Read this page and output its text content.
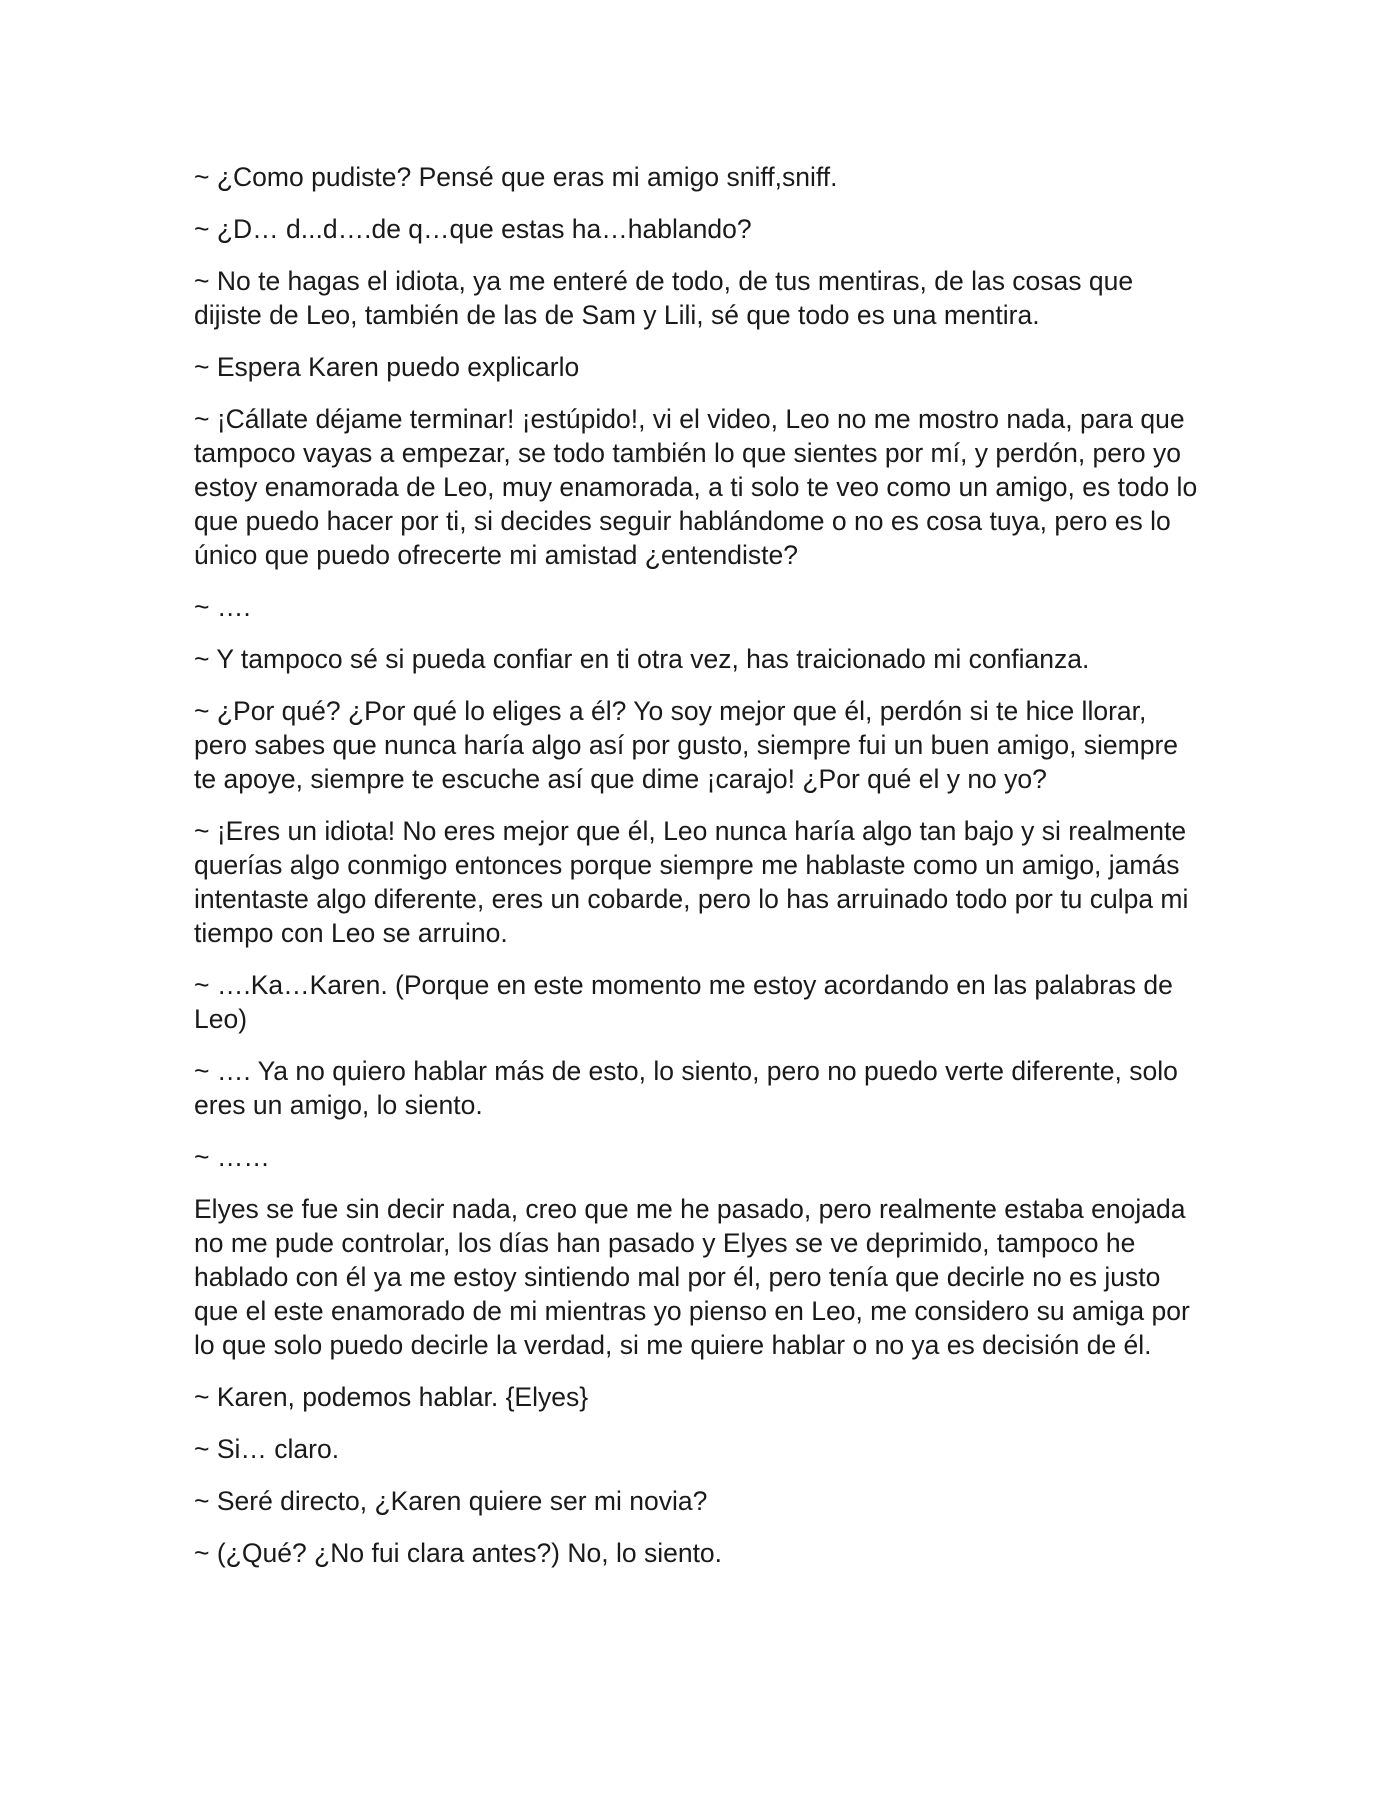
~ ¿Como pudiste? Pensé que eras mi amigo sniff,sniff.

~ ¿D… d...d….de q…que estas ha…hablando?

~ No te hagas el idiota, ya me enteré de todo, de tus mentiras, de las cosas que dijiste de Leo, también de las de Sam y Lili, sé que todo es una mentira.

~ Espera Karen puedo explicarlo

~ ¡Cállate déjame terminar! ¡estúpido!, vi el video, Leo no me mostro nada, para que tampoco vayas a empezar, se todo también lo que sientes por mí, y perdón, pero yo estoy enamorada de Leo, muy enamorada, a ti solo te veo como un amigo, es todo lo que puedo hacer por ti, si decides seguir hablándome o no es cosa tuya, pero es lo único que puedo ofrecerte mi amistad ¿entendiste?

~ ….

~ Y tampoco sé si pueda confiar en ti otra vez, has traicionado mi confianza.

~ ¿Por qué? ¿Por qué lo eliges a él? Yo soy mejor que él, perdón si te hice llorar, pero sabes que nunca haría algo así por gusto, siempre fui un buen amigo, siempre te apoye, siempre te escuche así que dime ¡carajo! ¿Por qué el y no yo?

~ ¡Eres un idiota! No eres mejor que él, Leo nunca haría algo tan bajo y si realmente querías algo conmigo entonces porque siempre me hablaste como un amigo, jamás intentaste algo diferente, eres un cobarde, pero lo has arruinado todo por tu culpa mi tiempo con Leo se arruino.

~ ….Ka…Karen. (Porque en este momento me estoy acordando en las palabras de Leo)

~ …. Ya no quiero hablar más de esto, lo siento, pero no puedo verte diferente, solo eres un amigo, lo siento.

~ ……

Elyes se fue sin decir nada, creo que me he pasado, pero realmente estaba enojada no me pude controlar, los días han pasado y Elyes se ve deprimido, tampoco he hablado con él ya me estoy sintiendo mal por él, pero tenía que decirle no es justo que el este enamorado de mi mientras yo pienso en Leo, me considero su amiga por lo que solo puedo decirle la verdad, si me quiere hablar o no ya es decisión de él.

~ Karen, podemos hablar. {Elyes}

~ Si… claro.

~ Seré directo, ¿Karen quiere ser mi novia?

~ (¿Qué? ¿No fui clara antes?) No, lo siento.
